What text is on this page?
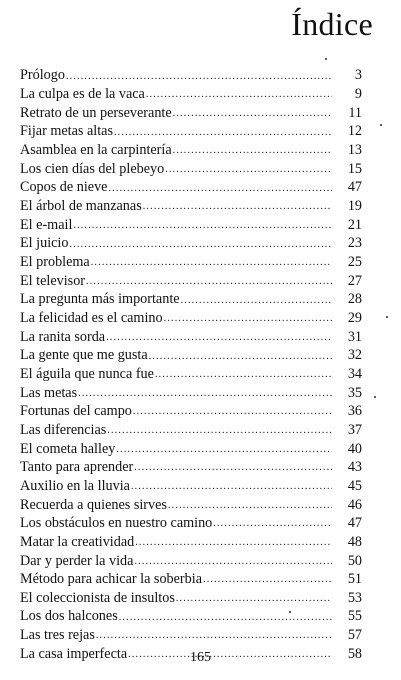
Índice
Prólogo .....	3
La culpa es de la vaca .....	9
Retrato de un perseverante .....	11
Fijar metas altas .....	12
Asamblea en la carpintería .....	13
Los cien días del plebeyo .....	15
Copos de nieve .....	47
El árbol de manzanas .....	19
El e-mail .....	21
El juicio .....	23
El problema .....	25
El televisor .....	27
La pregunta más importante .....	28
La felicidad es el camino .....	29
La ranita sorda .....	31
La gente que me gusta .....	32
El águila que nunca fue .....	34
Las metas .....	35
Fortunas del campo .....	36
Las diferencias .....	37
El cometa halley .....	40
Tanto para aprender .....	43
Auxilio en la lluvia .....	45
Recuerda a quienes sirves .....	46
Los obstáculos en nuestro camino .....	47
Matar la creatividad .....	48
Dar y perder la vida .....	50
Método para achicar la soberbia .....	51
El coleccionista de insultos .....	53
Los dos halcones .....	55
Las tres rejas .....	57
La casa imperfecta .....	58
165
